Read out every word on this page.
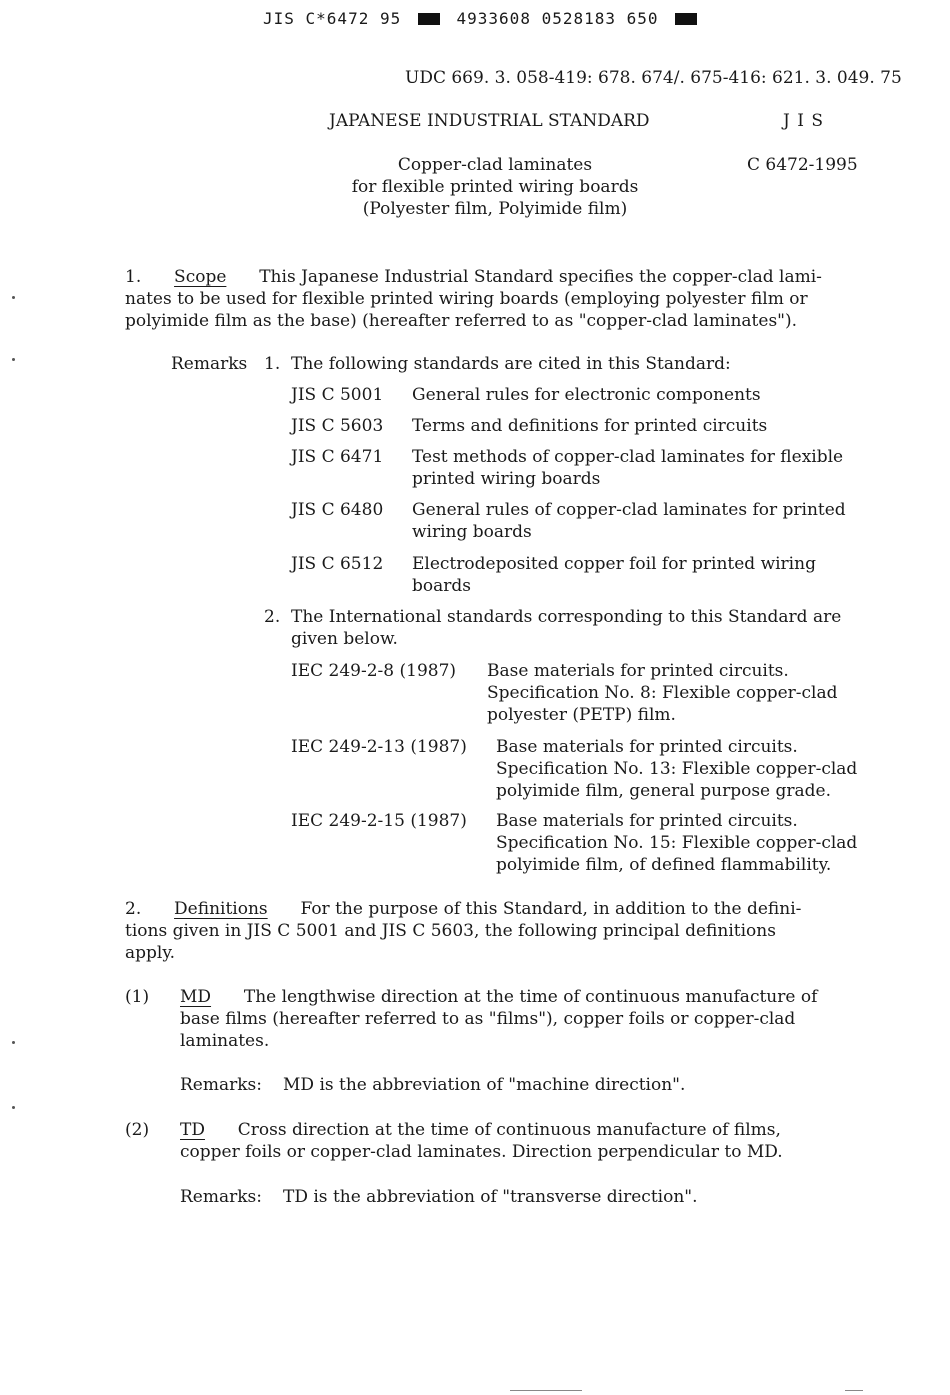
JIS C*6472 95	4933608 0528183 650
UDC 669. 3. 058-419: 678. 674/. 675-416: 621. 3. 049. 75
JAPANESE INDUSTRIAL STANDARD	J I S
Copper-clad laminates
for flexible printed wiring boards
(Polyester film, Polyimide film)
C 6472-1995
1. Scope This Japanese Industrial Standard specifies the copper-clad lami-
nates to be used for flexible printed wiring boards (employing polyester film or
polyimide film as the base) (hereafter referred to as "copper-clad laminates").
Remarks 1. The following standards are cited in this Standard:
JIS C 5001 General rules for electronic components
JIS C 5603 Terms and definitions for printed circuits
JIS C 6471 Test methods of copper-clad laminates for flexible printed wiring boards
JIS C 6480 General rules of copper-clad laminates for printed wiring boards
JIS C 6512 Electrodeposited copper foil for printed wiring boards
2. The International standards corresponding to this Standard are
given below.
IEC 249-2-8 (1987) Base materials for printed circuits.
Specification No. 8: Flexible copper-clad
polyester (PETP) film.
IEC 249-2-13 (1987) Base materials for printed circuits.
Specification No. 13: Flexible copper-clad
polyimide film, general purpose grade.
IEC 249-2-15 (1987) Base materials for printed circuits.
Specification No. 15: Flexible copper-clad
polyimide film, of defined flammability.
2. Definitions For the purpose of this Standard, in addition to the defini-
tions given in JIS C 5001 and JIS C 5603, the following principal definitions
apply.
(1) MD The lengthwise direction at the time of continuous manufacture of
base films (hereafter referred to as "films"), copper foils or copper-clad
laminates.
Remarks: MD is the abbreviation of "machine direction".
(2) TD Cross direction at the time of continuous manufacture of films,
copper foils or copper-clad laminates. Direction perpendicular to MD.
Remarks: TD is the abbreviation of "transverse direction".
